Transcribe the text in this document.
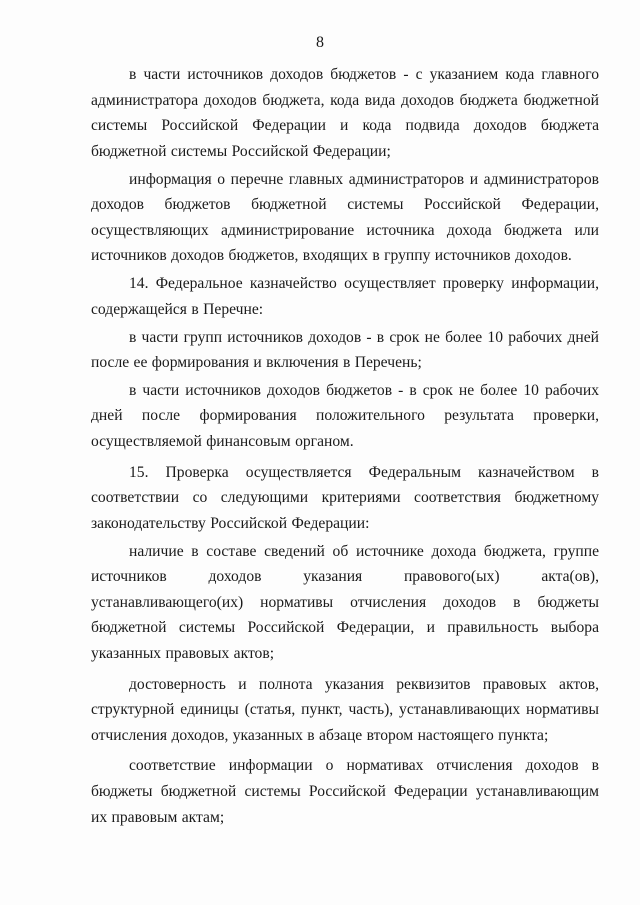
8

в части источников доходов бюджетов - с указанием кода главного администратора доходов бюджета, кода вида доходов бюджета бюджетной системы Российской Федерации и кода подвида доходов бюджета бюджетной системы Российской Федерации;

информация о перечне главных администраторов и администраторов доходов бюджетов бюджетной системы Российской Федерации, осуществляющих администрирование источника дохода бюджета или источников доходов бюджетов, входящих в группу источников доходов.

14. Федеральное казначейство осуществляет проверку информации, содержащейся в Перечне:

в части групп источников доходов - в срок не более 10 рабочих дней после ее формирования и включения в Перечень;

в части источников доходов бюджетов - в срок не более 10 рабочих дней после формирования положительного результата проверки, осуществляемой финансовым органом.

15. Проверка осуществляется Федеральным казначейством в соответствии со следующими критериями соответствия бюджетному законодательству Российской Федерации:

наличие в составе сведений об источнике дохода бюджета, группе источников доходов указания правового(ых) акта(ов), устанавливающего(их) нормативы отчисления доходов в бюджеты бюджетной системы Российской Федерации, и правильность выбора указанных правовых актов;

достоверность и полнота указания реквизитов правовых актов, структурной единицы (статья, пункт, часть), устанавливающих нормативы отчисления доходов, указанных в абзаце втором настоящего пункта;

соответствие информации о нормативах отчисления доходов в бюджеты бюджетной системы Российской Федерации устанавливающим их правовым актам;
